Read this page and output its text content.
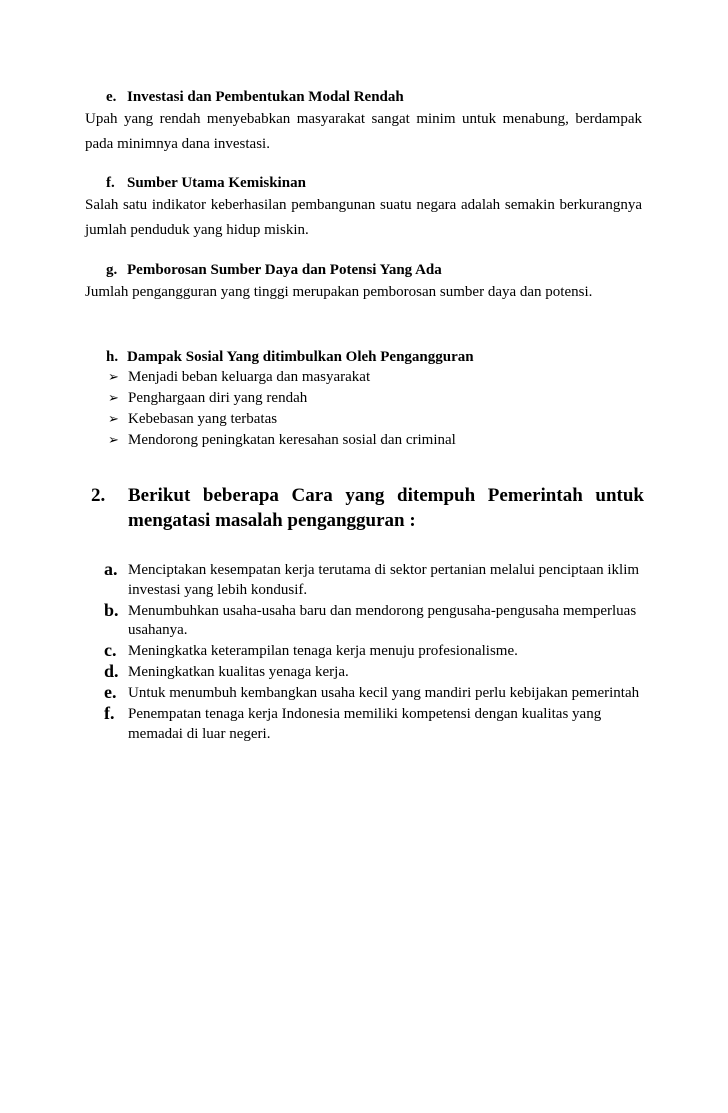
e. Investasi dan Pembentukan Modal Rendah
Upah yang rendah menyebabkan masyarakat sangat minim untuk menabung, berdampak pada minimnya dana investasi.
f. Sumber Utama Kemiskinan
Salah satu indikator keberhasilan pembangunan suatu negara adalah semakin berkurangnya jumlah penduduk yang hidup miskin.
g. Pemborosan Sumber Daya dan Potensi Yang Ada
Jumlah pengangguran yang tinggi merupakan pemborosan sumber daya dan potensi.
h. Dampak Sosial Yang ditimbulkan Oleh Pengangguran
➢ Menjadi beban keluarga dan masyarakat
➢ Penghargaan diri yang rendah
➢ Kebebasan yang terbatas
➢ Mendorong peningkatan keresahan sosial dan criminal
2. Berikut beberapa Cara yang ditempuh Pemerintah untuk
mengatasi masalah pengangguran :
a. Menciptakan kesempatan kerja terutama di sektor pertanian melalui penciptaan iklim investasi yang lebih kondusif.
b. Menumbuhkan usaha-usaha baru dan mendorong pengusaha-pengusaha memperluas usahanya.
c. Meningkatka keterampilan tenaga kerja menuju profesionalisme.
d. Meningkatkan kualitas yenaga kerja.
e. Untuk menumbuh kembangkan usaha kecil yang mandiri perlu kebijakan pemerintah
f. Penempatan tenaga kerja Indonesia memiliki kompetensi dengan kualitas yang memadai di luar negeri.
